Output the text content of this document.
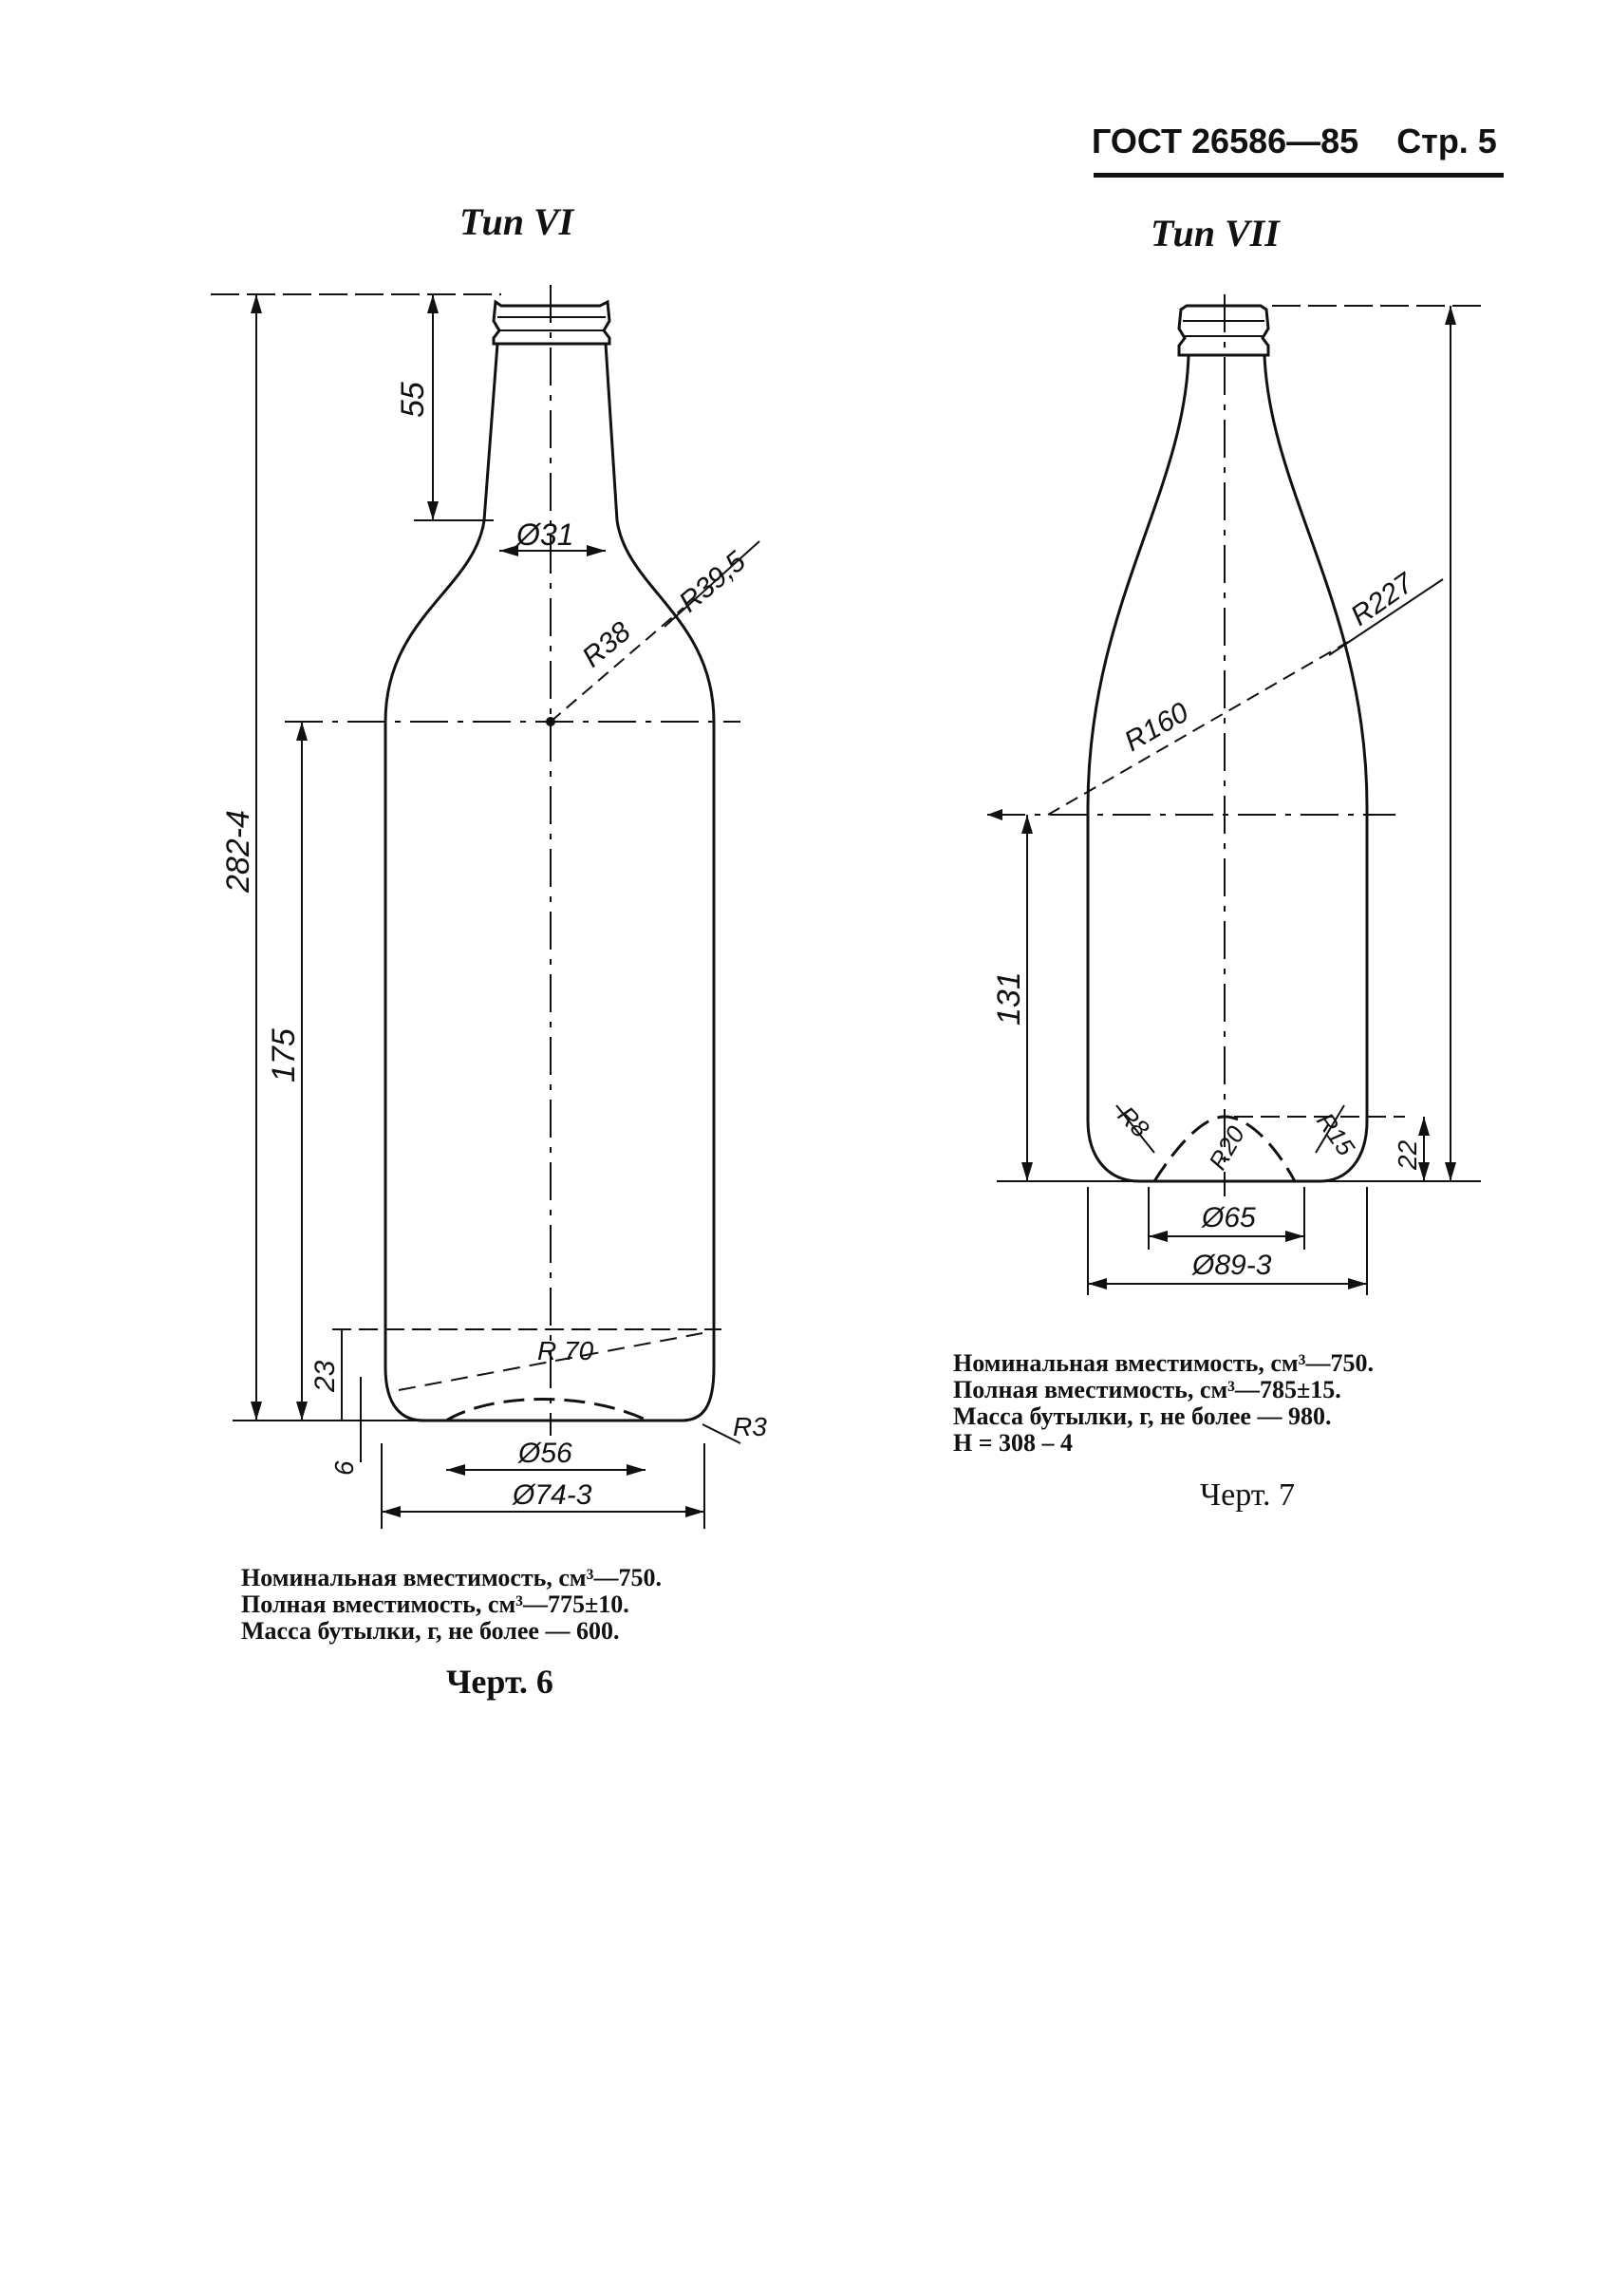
ГОСТ 26586—85 Стр. 5
Тип VI	Тип VII
282-4
55
Ø31
R39,5
R38
175
23
6
R 70
R3
Ø56
Ø74-3
R227
R160
131
R8 R20 R15 22
Ø65
Ø89-3
Номинальная вместимость, см³—750.
Полная вместимость, см³—775±10.
Масса бутылки, г, не более — 600.
Черт. 6
Номинальная вместимость, см³—750.
Полная вместимость, см³—785±15.
Масса бутылки, г, не более — 980.
H = 308 – 4
Черт. 7
